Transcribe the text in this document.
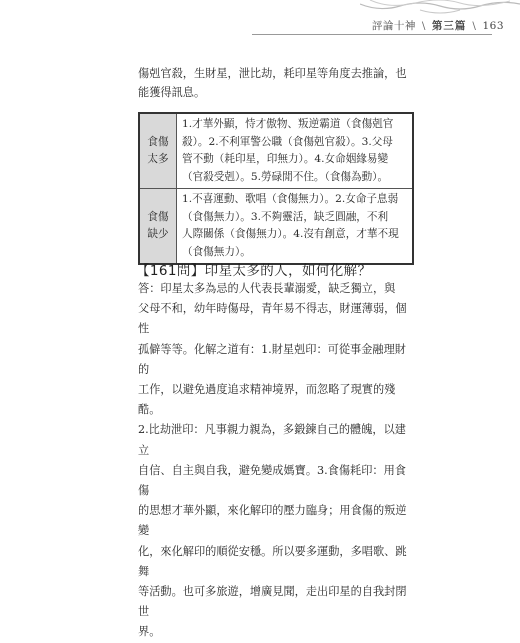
評論十神 \ 第三篇 \ 163
傷剋官殺，生財星，泄比劫，耗印星等角度去推論，也能獲得訊息。
食傷太多	1.才華外顯，恃才傲物、叛逆霸道（食傷剋官

殺）。2.不利軍警公職（食傷剋官殺）。3.父母

管不動（耗印星，印無力）。4.女命姻緣易變

（官殺受剋）。5.勞碌閒不住。（食傷為動）。

食傷缺少	1.不喜運動、歌唱（食傷無力）。2.女命子息弱

（食傷無力）。3.不夠靈活，缺乏圓融，不利

人際關係（食傷無力）。4.沒有創意，才華不現

（食傷無力）。

【161問】印星太多的人，如何化解？

答：印星太多為忌的人代表長輩溺愛，缺乏獨立，與

父母不和，幼年時傷母，青年易不得志，財運薄弱，個性

孤僻等等。化解之道有：1.財星剋印：可從事金融理財的

工作，以避免過度追求精神境界，而忽略了現實的殘酷。

2.比劫泄印：凡事親力親為，多鍛鍊自己的體魄，以建立

自信、自主與自我，避免變成媽寶。3.食傷耗印：用食傷

的思想才華外顯，來化解印的壓力臨身；用食傷的叛逆變

化，來化解印的順從安穩。所以要多運動，多唱歌、跳舞

等活動。也可多旅遊，增廣見聞，走出印星的自我封閉世

界。
